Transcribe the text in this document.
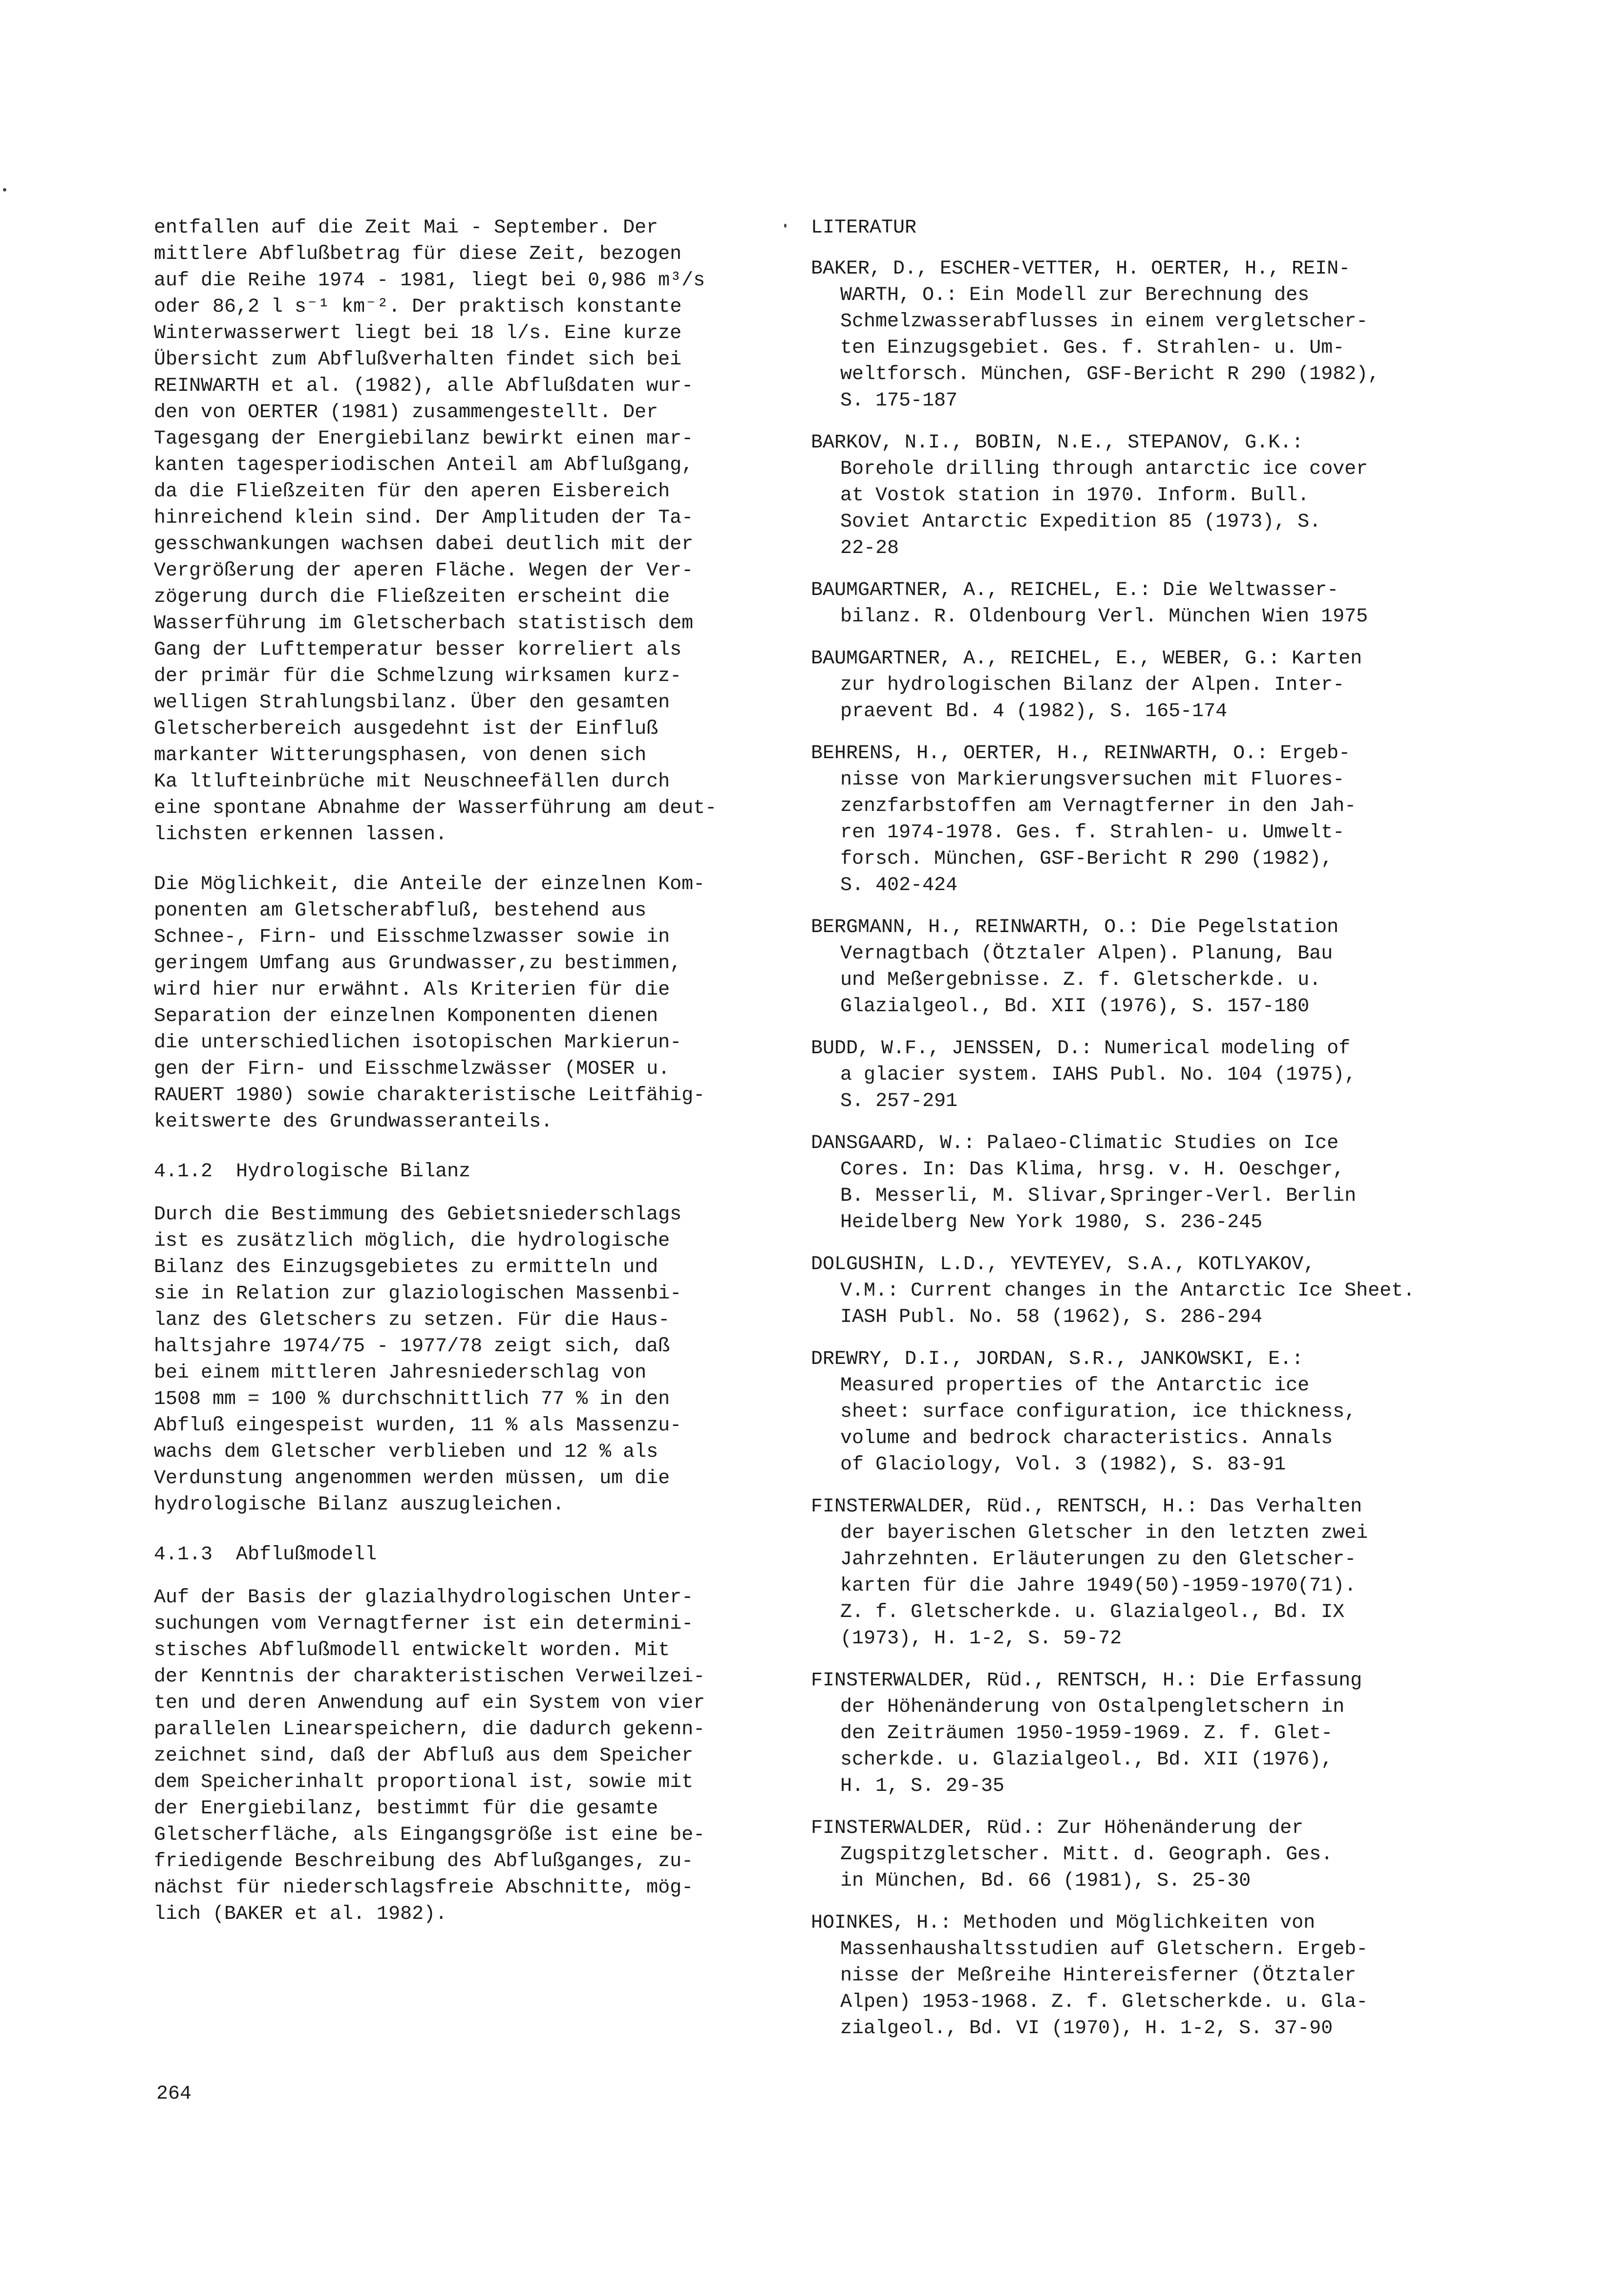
entfallen auf die Zeit Mai - September. Der
mittlere Abflußbetrag für diese Zeit, bezogen
auf die Reihe 1974 - 1981, liegt bei 0,986 m³/s
oder 86,2 l s⁻¹ km⁻². Der praktisch konstante
Winterwasserwert liegt bei 18 l/s. Eine kurze
Übersicht zum Abflußverhalten findet sich bei
REINWARTH et al. (1982), alle Abflußdaten wur-
den von OERTER (1981) zusammengestellt. Der
Tagesgang der Energiebilanz bewirkt einen mar-
kanten tagesperiodischen Anteil am Abflußgang,
da die Fließzeiten für den aperen Eisbereich
hinreichend klein sind. Der Amplituden der Ta-
gesschwankungen wachsen dabei deutlich mit der
Vergrößerung der aperen Fläche. Wegen der Ver-
zögerung durch die Fließzeiten erscheint die
Wasserführung im Gletscherbach statistisch dem
Gang der Lufttemperatur besser korreliert als
der primär für die Schmelzung wirksamen kurz-
welligen Strahlungsbilanz. Über den gesamten
Gletscherbereich ausgedehnt ist der Einfluß
markanter Witterungsphasen, von denen sich
Ka ltlufteinbrüche mit Neuschneefällen durch
eine spontane Abnahme der Wasserführung am deut-
lichsten erkennen lassen.
Die Möglichkeit, die Anteile der einzelnen Kom-
ponenten am Gletscherabfluß, bestehend aus
Schnee-, Firn- und Eisschmelzwasser sowie in
geringem Umfang aus Grundwasser,zu bestimmen,
wird hier nur erwähnt. Als Kriterien für die
Separation der einzelnen Komponenten dienen
die unterschiedlichen isotopischen Markierun-
gen der Firn- und Eisschmelzwässer (MOSER u.
RAUERT 1980) sowie charakteristische Leitfähig-
keitswerte des Grundwasseranteils.
4.1.2  Hydrologische Bilanz
Durch die Bestimmung des Gebietsniederschlags
ist es zusätzlich möglich, die hydrologische
Bilanz des Einzugsgebietes zu ermitteln und
sie in Relation zur glaziologischen Massenbi-
lanz des Gletschers zu setzen. Für die Haus-
haltsjahre 1974/75 - 1977/78 zeigt sich, daß
bei einem mittleren Jahresniederschlag von
1508 mm = 100 % durchschnittlich 77 % in den
Abfluß eingespeist wurden, 11 % als Massenzu-
wachs dem Gletscher verblieben und 12 % als
Verdunstung angenommen werden müssen, um die
hydrologische Bilanz auszugleichen.
4.1.3  Abflußmodell
Auf der Basis der glazialhydrologischen Unter-
suchungen vom Vernagtferner ist ein determini-
stisches Abflußmodell entwickelt worden. Mit
der Kenntnis der charakteristischen Verweilzei-
ten und deren Anwendung auf ein System von vier
parallelen Linearspeichern, die dadurch gekenn-
zeichnet sind, daß der Abfluß aus dem Speicher
dem Speicherinhalt proportional ist, sowie mit
der Energiebilanz, bestimmt für die gesamte
Gletscherfläche, als Eingangsgröße ist eine be-
friedigende Beschreibung des Abflußganges, zu-
nächst für niederschlagsfreie Abschnitte, mög-
lich (BAKER et al. 1982).
LITERATUR
BAKER, D., ESCHER-VETTER, H. OERTER, H., REIN-
WARTH, O.: Ein Modell zur Berechnung des
Schmelzwasserabflusses in einem vergletscher-
ten Einzugsgebiet. Ges. f. Strahlen- u. Um-
weltforsch. München, GSF-Bericht R 290 (1982),
S. 175-187
BARKOV, N.I., BOBIN, N.E., STEPANOV, G.K.:
Borehole drilling through antarctic ice cover
at Vostok station in 1970. Inform. Bull.
Soviet Antarctic Expedition 85 (1973), S.
22-28
BAUMGARTNER, A., REICHEL, E.: Die Weltwasser-
bilanz. R. Oldenbourg Verl. München Wien 1975
BAUMGARTNER, A., REICHEL, E., WEBER, G.: Karten
zur hydrologischen Bilanz der Alpen. Inter-
praevent Bd. 4 (1982), S. 165-174
BEHRENS, H., OERTER, H., REINWARTH, O.: Ergeb-
nisse von Markierungsversuchen mit Fluores-
zenzfarbstoffen am Vernagtferner in den Jah-
ren 1974-1978. Ges. f. Strahlen- u. Umwelt-
forsch. München, GSF-Bericht R 290 (1982),
S. 402-424
BERGMANN, H., REINWARTH, O.: Die Pegelstation
Vernagtbach (Ötztaler Alpen). Planung, Bau
und Meßergebnisse. Z. f. Gletscherkde. u.
Glazialgeol., Bd. XII (1976), S. 157-180
BUDD, W.F., JENSSEN, D.: Numerical modeling of
a glacier system. IAHS Publ. No. 104 (1975),
S. 257-291
DANSGAARD, W.: Palaeo-Climatic Studies on Ice
Cores. In: Das Klima, hrsg. v. H. Oeschger,
B. Messerli, M. Slivar,Springer-Verl. Berlin
Heidelberg New York 1980, S. 236-245
DOLGUSHIN, L.D., YEVTEYEV, S.A., KOTLYAKOV,
V.M.: Current changes in the Antarctic Ice Sheet.
IASH Publ. No. 58 (1962), S. 286-294
DREWRY, D.I., JORDAN, S.R., JANKOWSKI, E.:
Measured properties of the Antarctic ice
sheet: surface configuration, ice thickness,
volume and bedrock characteristics. Annals
of Glaciology, Vol. 3 (1982), S. 83-91
FINSTERWALDER, Rüd., RENTSCH, H.: Das Verhalten
der bayerischen Gletscher in den letzten zwei
Jahrzehnten. Erläuterungen zu den Gletscher-
karten für die Jahre 1949(50)-1959-1970(71).
Z. f. Gletscherkde. u. Glazialgeol., Bd. IX
(1973), H. 1-2, S. 59-72
FINSTERWALDER, Rüd., RENTSCH, H.: Die Erfassung
der Höhenänderung von Ostalpengletschern in
den Zeiträumen 1950-1959-1969. Z. f. Glet-
scherkde. u. Glazialgeol., Bd. XII (1976),
H. 1, S. 29-35
FINSTERWALDER, Rüd.: Zur Höhenänderung der
Zugspitzgletscher. Mitt. d. Geograph. Ges.
in München, Bd. 66 (1981), S. 25-30
HOINKES, H.: Methoden und Möglichkeiten von
Massenhaushaltsstudien auf Gletschern. Ergeb-
nisse der Meßreihe Hintereisferner (Ötztaler
Alpen) 1953-1968. Z. f. Gletscherkde. u. Gla-
zialgeol., Bd. VI (1970), H. 1-2, S. 37-90
264
